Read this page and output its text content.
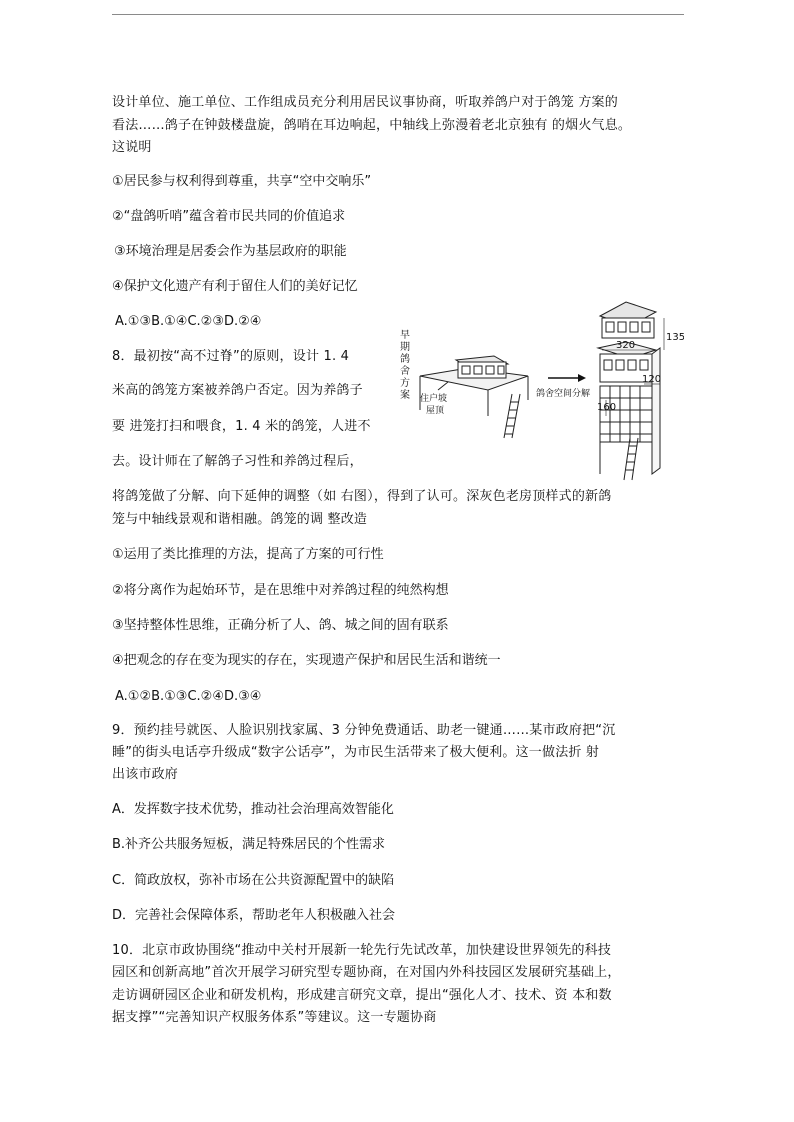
设计单位、施工单位、工作组成员充分利用居民议事协商，听取养鸽户对于鸽笼 方案的
看法……鸽子在钟鼓楼盘旋，鸽哨在耳边响起，中轴线上弥漫着老北京独有 的烟火气息。
这说明
①居民参与权利得到尊重，共享“空中交响乐”
②“盘鸽听哨”蕴含着市民共同的价值追求
③环境治理是居委会作为基层政府的职能
④保护文化遗产有利于留住人们的美好记忆
A.①③B.①④C.②③D.②④
8．最初按“高不过脊”的原则，设计 1. 4
米高的鸽笼方案被养鸽户否定。因为养鸽子
要 进笼打扫和喂食，1. 4 米的鸽笼，人进不
去。设计师在了解鸽子习性和养鸽过程后，
将鸽笼做了分解、向下延伸的调整（如 右图），得到了认可。深灰色老房顶样式的新鸽
笼与中轴线景观和谐相融。鸽笼的调 整改造
早
期
鸽
舍
方
案 住户坡
屋顶
鸽舍空间分解
320
135
120
160
①运用了类比推理的方法，提高了方案的可行性
②将分离作为起始环节，是在思维中对养鸽过程的纯然构想
③坚持整体性思维，正确分析了人、鸽、城之间的固有联系
④把观念的存在变为现实的存在，实现遗产保护和居民生活和谐统一
A.①②B.①③C.②④D.③④
9．预约挂号就医、人脸识别找家属、3 分钟免费通话、助老一键通……某市政府把“沉
睡”的街头电话亭升级成“数字公话亭”，为市民生活带来了极大便利。这一做法折 射
出该市政府
A．发挥数字技术优势，推动社会治理高效智能化
B.补齐公共服务短板，满足特殊居民的个性需求
C．简政放权，弥补市场在公共资源配置中的缺陷
D．完善社会保障体系，帮助老年人积极融入社会
10．北京市政协围绕“推动中关村开展新一轮先行先试改革，加快建设世界领先的科技
园区和创新高地”首次开展学习研究型专题协商，在对国内外科技园区发展研究基础上，
走访调研园区企业和研发机构，形成建言研究文章，提出“强化人才、技术、资 本和数
据支撑”“完善知识产权服务体系”等建议。这一专题协商
